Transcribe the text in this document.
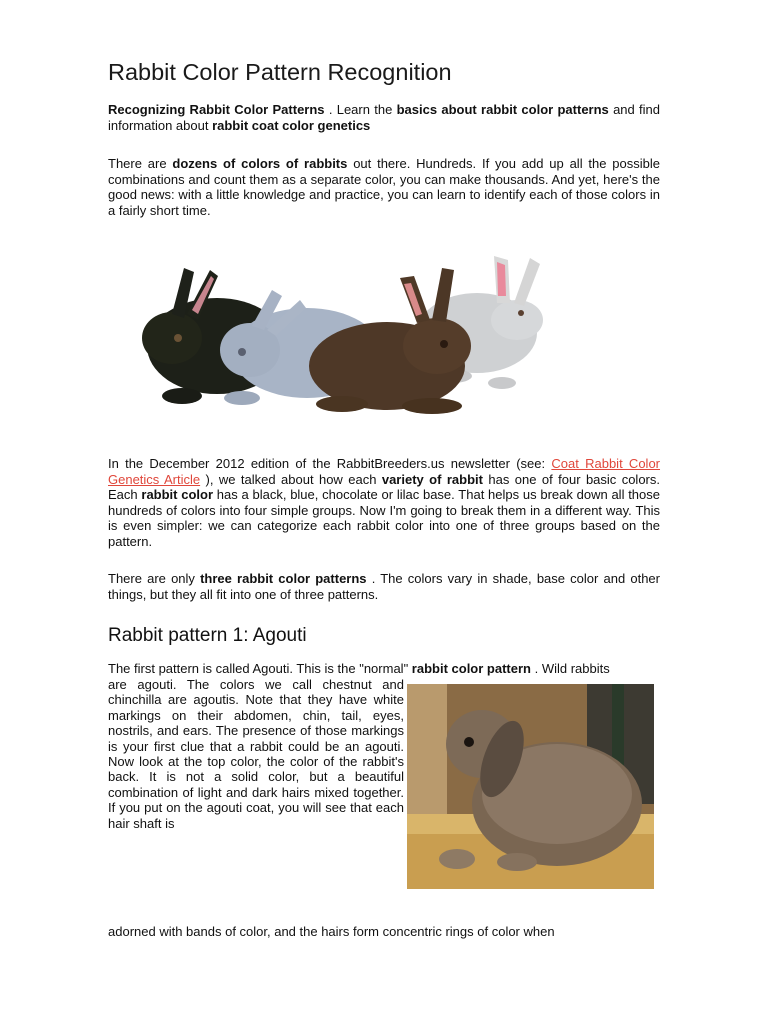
Rabbit Color Pattern Recognition

Recognizing Rabbit Color Patterns . Learn the basics about rabbit color patterns and find information about rabbit coat color genetics

There are dozens of colors of rabbits out there. Hundreds. If you add up all the possible combinations and count them as a separate color, you can make thousands. And yet, here's the good news: with a little knowledge and practice, you can learn to identify each of those colors in a fairly short time.

In the December 2012 edition of the RabbitBreeders.us newsletter (see: Coat Rabbit Color Genetics Article ), we talked about how each variety of rabbit has one of four basic colors. Each rabbit color has a black, blue, chocolate or lilac base. That helps us break down all those hundreds of colors into four simple groups. Now I'm going to break them in a different way. This is even simpler: we can categorize each rabbit color into one of three groups based on the pattern.

There are only three rabbit color patterns . The colors vary in shade, base color and other things, but they all fit into one of three patterns.

Rabbit pattern 1: Agouti

The first pattern is called Agouti. This is the "normal" rabbit color pattern . Wild rabbits

are agouti. The colors we call chestnut and chinchilla are agoutis. Note that they have white markings on their abdomen, chin, tail, eyes, nostrils, and ears. The presence of those markings is your first clue that a rabbit could be an agouti. Now look at the top color, the color of the rabbit's back. It is not a solid color, but a beautiful combination of light and dark hairs mixed together. If you put on the agouti coat, you will see that each hair shaft is

adorned with bands of color, and the hairs form concentric rings of color when
